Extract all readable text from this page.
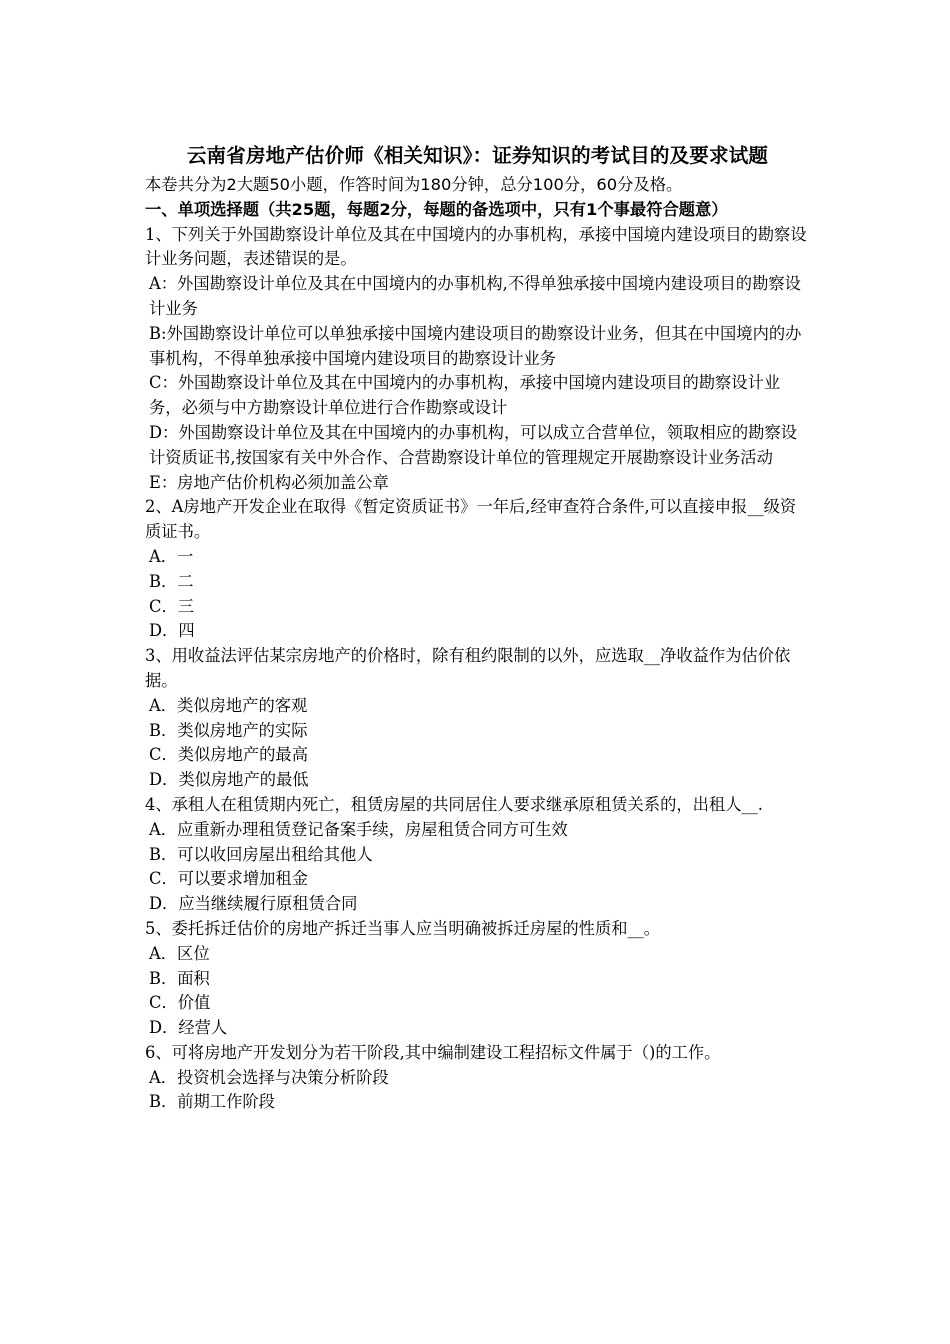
云南省房地产估价师《相关知识》：证券知识的考试目的及要求试题
本卷共分为2大题50小题，作答时间为180分钟，总分100分，60分及格。
一、单项选择题（共25题，每题2分，每题的备选项中，只有1个事最符合题意）
1、下列关于外国勘察设计单位及其在中国境内的办事机构，承接中国境内建设项目的勘察设计业务问题，表述错误的是。
A：外国勘察设计单位及其在中国境内的办事机构,不得单独承接中国境内建设项目的勘察设计业务
B:外国勘察设计单位可以单独承接中国境内建设项目的勘察设计业务，但其在中国境内的办事机构，不得单独承接中国境内建设项目的勘察设计业务
C：外国勘察设计单位及其在中国境内的办事机构，承接中国境内建设项目的勘察设计业务，必须与中方勘察设计单位进行合作勘察或设计
D：外国勘察设计单位及其在中国境内的办事机构，可以成立合营单位，领取相应的勘察设计资质证书,按国家有关中外合作、合营勘察设计单位的管理规定开展勘察设计业务活动
E：房地产估价机构必须加盖公章
2、A房地产开发企业在取得《暂定资质证书》一年后,经审查符合条件,可以直接申报__级资质证书。
A．一
B．二
C．三
D．四
3、用收益法评估某宗房地产的价格时，除有租约限制的以外，应选取__净收益作为估价依据。
A．类似房地产的客观
B．类似房地产的实际
C．类似房地产的最高
D．类似房地产的最低
4、承租人在租赁期内死亡，租赁房屋的共同居住人要求继承原租赁关系的，出租人__.
A．应重新办理租赁登记备案手续，房屋租赁合同方可生效
B．可以收回房屋出租给其他人
C．可以要求增加租金
D．应当继续履行原租赁合同
5、委托拆迁估价的房地产拆迁当事人应当明确被拆迁房屋的性质和__。
A．区位
B．面积
C．价值
D．经营人
6、可将房地产开发划分为若干阶段,其中编制建设工程招标文件属于（)的工作。
A．投资机会选择与决策分析阶段
B．前期工作阶段
